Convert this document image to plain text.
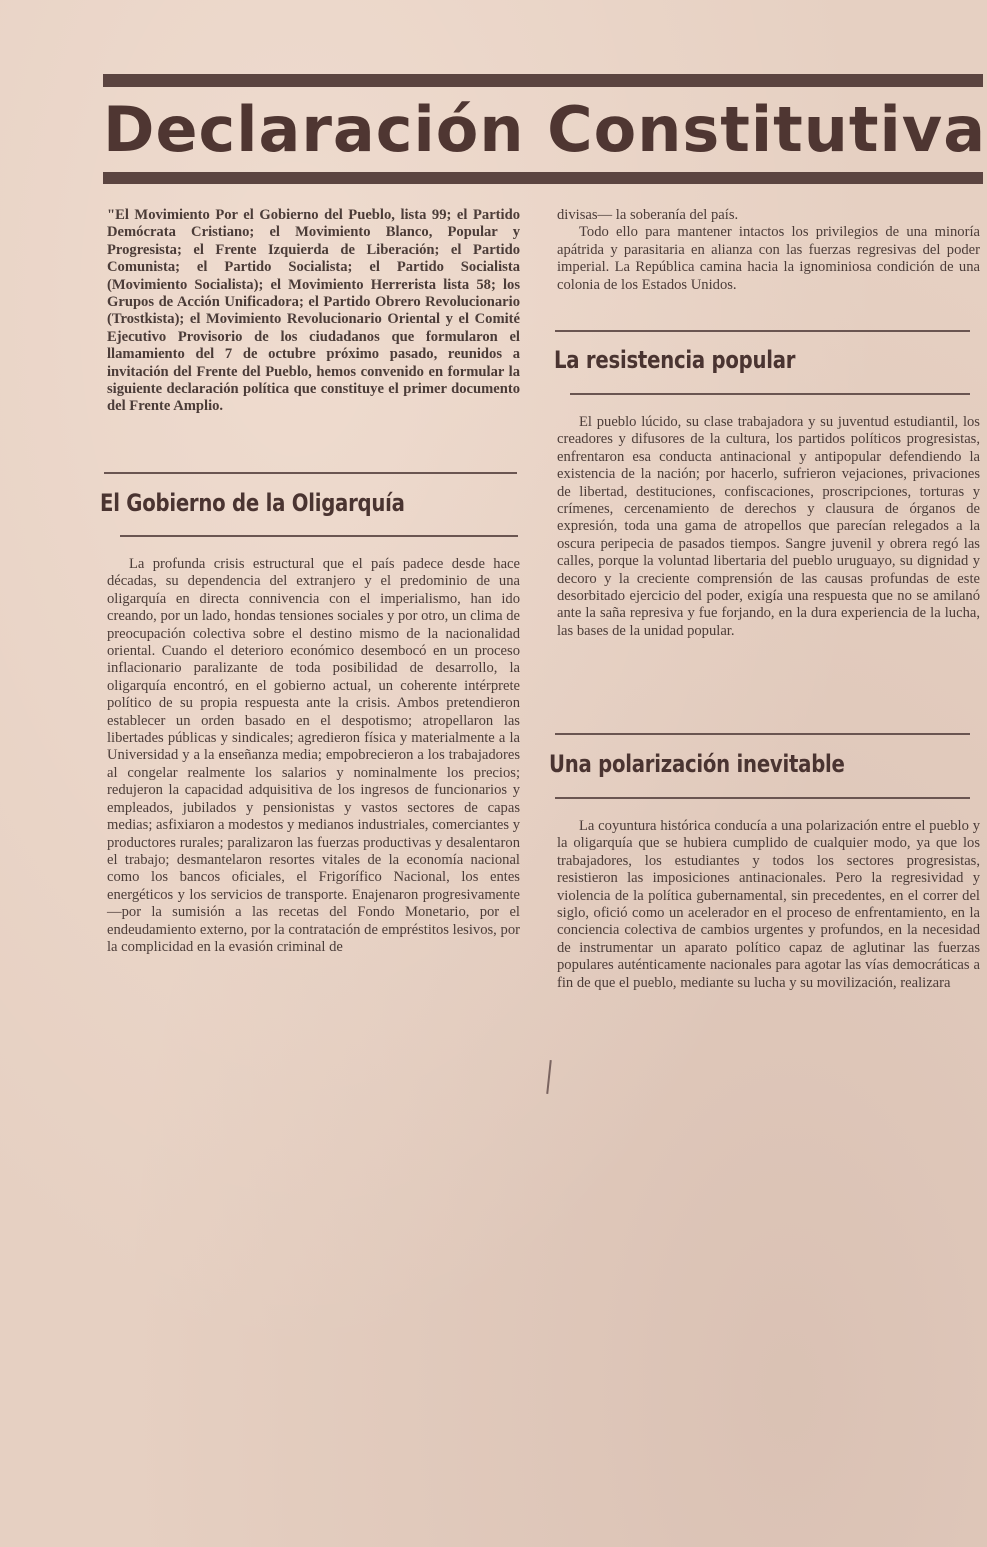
Declaración Constitutiva

"El Movimiento Por el Gobierno del Pueblo, lista 99; el Partido Demócrata Cristiano; el Movimiento Blanco, Popular y Progresista; el Frente Izquierda de Liberación; el Partido Comunista; el Partido Socialista; el Partido Socialista (Movimiento Socialista); el Movimiento Herrerista lista 58; los Grupos de Acción Unificadora; el Partido Obrero Revolucionario (Trostkista); el Movimiento Revolucionario Oriental y el Comité Ejecutivo Provisorio de los ciudadanos que formularon el llamamiento del 7 de octubre próximo pasado, reunidos a invitación del Frente del Pueblo, hemos convenido en formular la siguiente declaración política que constituye el primer documento del Frente Amplio.

El Gobierno de la Oligarquía

La profunda crisis estructural que el país padece desde hace décadas, su dependencia del extranjero y el predominio de una oligarquía en directa connivencia con el imperialismo, han ido creando, por un lado, hondas tensiones sociales y por otro, un clima de preocupación colectiva sobre el destino mismo de la nacionalidad oriental. Cuando el deterioro económico desembocó en un proceso inflacionario paralizante de toda posibilidad de desarrollo, la oligarquía encontró, en el gobierno actual, un coherente intérprete político de su propia respuesta ante la crisis. Ambos pretendieron establecer un orden basado en el despotismo; atropellaron las libertades públicas y sindicales; agredieron física y materialmente a la Universidad y a la enseñanza media; empobrecieron a los trabajadores al congelar realmente los salarios y nominalmente los precios; redujeron la capacidad adquisitiva de los ingresos de funcionarios y empleados, jubilados y pensionistas y vastos sectores de capas medias; asfixiaron a modestos y medianos industriales, comerciantes y productores rurales; paralizaron las fuerzas productivas y desalentaron el trabajo; desmantelaron resortes vitales de la economía nacional como los bancos oficiales, el Frigorífico Nacional, los entes energéticos y los servicios de transporte. Enajenaron progresivamente —por la sumisión a las recetas del Fondo Monetario, por el endeudamiento externo, por la contratación de empréstitos lesivos, por la complicidad en la evasión criminal de

divisas— la soberanía del país.

Todo ello para mantener intactos los privilegios de una minoría apátrida y parasitaria en alianza con las fuerzas regresivas del poder imperial. La República camina hacia la ignominiosa condición de una colonia de los Estados Unidos.

La resistencia popular

El pueblo lúcido, su clase trabajadora y su juventud estudiantil, los creadores y difusores de la cultura, los partidos políticos progresistas, enfrentaron esa conducta antinacional y antipopular defendiendo la existencia de la nación; por hacerlo, sufrieron vejaciones, privaciones de libertad, destituciones, confiscaciones, proscripciones, torturas y crímenes, cercenamiento de derechos y clausura de órganos de expresión, toda una gama de atropellos que parecían relegados a la oscura peripecia de pasados tiempos. Sangre juvenil y obrera regó las calles, porque la voluntad libertaria del pueblo uruguayo, su dignidad y decoro y la creciente comprensión de las causas profundas de este desorbitado ejercicio del poder, exigía una respuesta que no se amilanó ante la saña represiva y fue forjando, en la dura experiencia de la lucha, las bases de la unidad popular.

Una polarización inevitable

La coyuntura histórica conducía a una polarización entre el pueblo y la oligarquía que se hubiera cumplido de cualquier modo, ya que los trabajadores, los estudiantes y todos los sectores progresistas, resistieron las imposiciones antinacionales. Pero la regresividad y violencia de la política gubernamental, sin precedentes, en el correr del siglo, ofició como un acelerador en el proceso de enfrentamiento, en la conciencia colectiva de cambios urgentes y profundos, en la necesidad de instrumentar un aparato político capaz de aglutinar las fuerzas populares auténticamente nacionales para agotar las vías democráticas a fin de que el pueblo, mediante su lucha y su movilización, realizara
